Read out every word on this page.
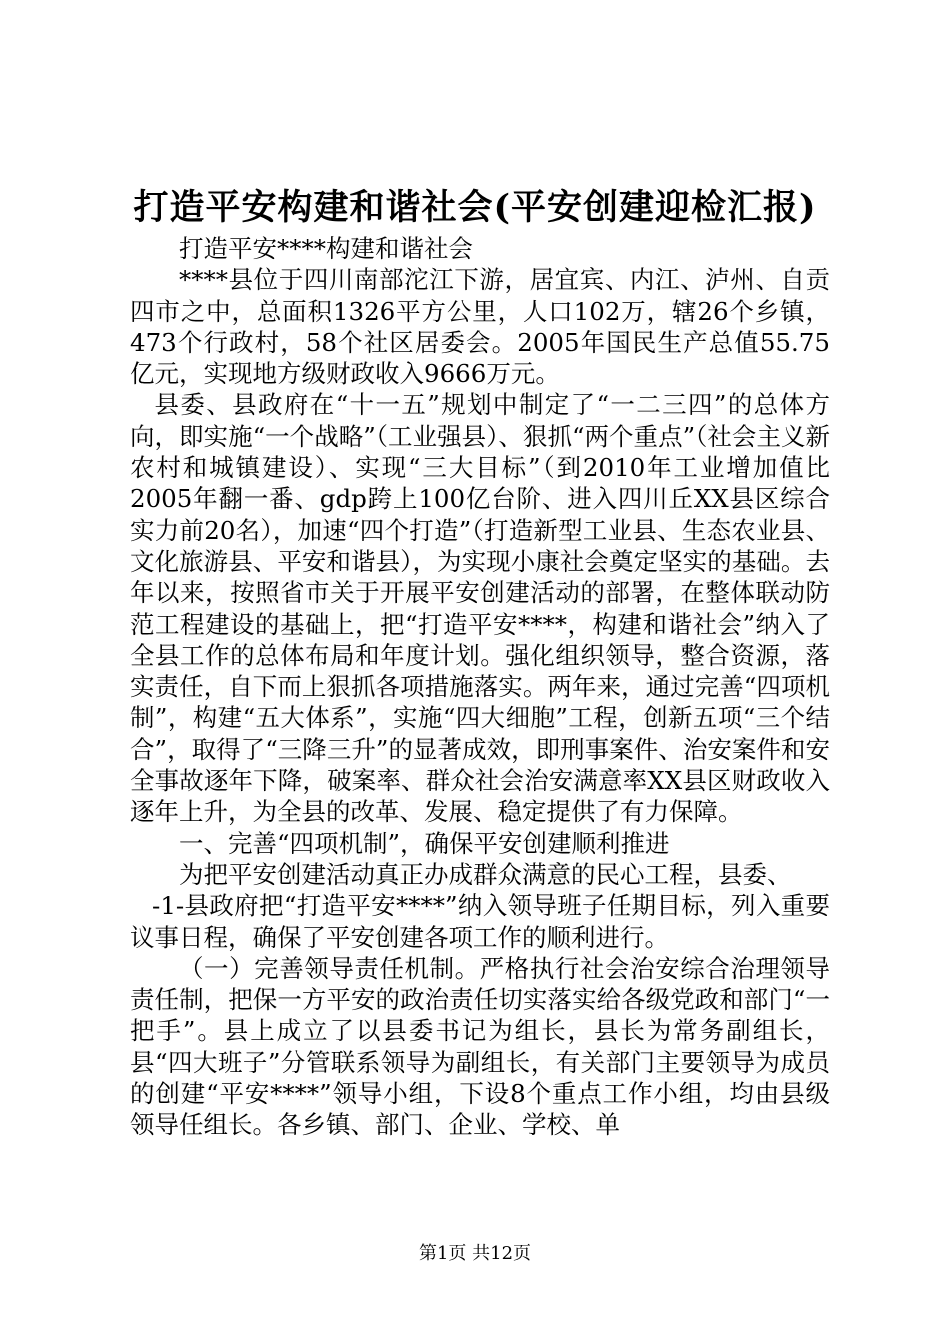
打造平安构建和谐社会(平安创建迎检汇报)

打造平安****构建和谐社会

****县位于四川南部沱江下游，居宜宾、内江、泸州、自贡四市之中，总面积1326平方公里，人口102万，辖26个乡镇，473个行政村，58个社区居委会。2005年国民生产总值55.75亿元，实现地方级财政收入9666万元。

县委、县政府在“十一五”规划中制定了“一二三四”的总体方向，即实施“一个战略”（工业强县）、狠抓“两个重点”（社会主义新农村和城镇建设）、实现“三大目标”（到2010年工业增加值比2005年翻一番、gdp跨上100亿台阶、进入四川丘XX县区综合实力前20名），加速“四个打造”（打造新型工业县、生态农业县、文化旅游县、平安和谐县），为实现小康社会奠定坚实的基础。去年以来，按照省市关于开展平安创建活动的部署，在整体联动防范工程建设的基础上，把“打造平安****，构建和谐社会”纳入了全县工作的总体布局和年度计划。强化组织领导，整合资源，落实责任，自下而上狠抓各项措施落实。两年来，通过完善“四项机制”，构建“五大体系”，实施“四大细胞”工程，创新五项“三个结合”，取得了“三降三升”的显著成效，即刑事案件、治安案件和安全事故逐年下降，破案率、群众社会治安满意率XX县区财政收入逐年上升，为全县的改革、发展、稳定提供了有力保障。

一、完善“四项机制”，确保平安创建顺利推进

为把平安创建活动真正办成群众满意的民心工程，县委、

-1-县政府把“打造平安****”纳入领导班子任期目标，列入重要议事日程，确保了平安创建各项工作的顺利进行。

（一）完善领导责任机制。严格执行社会治安综合治理领导责任制，把保一方平安的政治责任切实落实给各级党政和部门“一把手”。县上成立了以县委书记为组长，县长为常务副组长，县“四大班子”分管联系领导为副组长，有关部门主要领导为成员的创建“平安****”领导小组，下设8个重点工作小组，均由县级领导任组长。各乡镇、部门、企业、学校、单

第1页 共12页
